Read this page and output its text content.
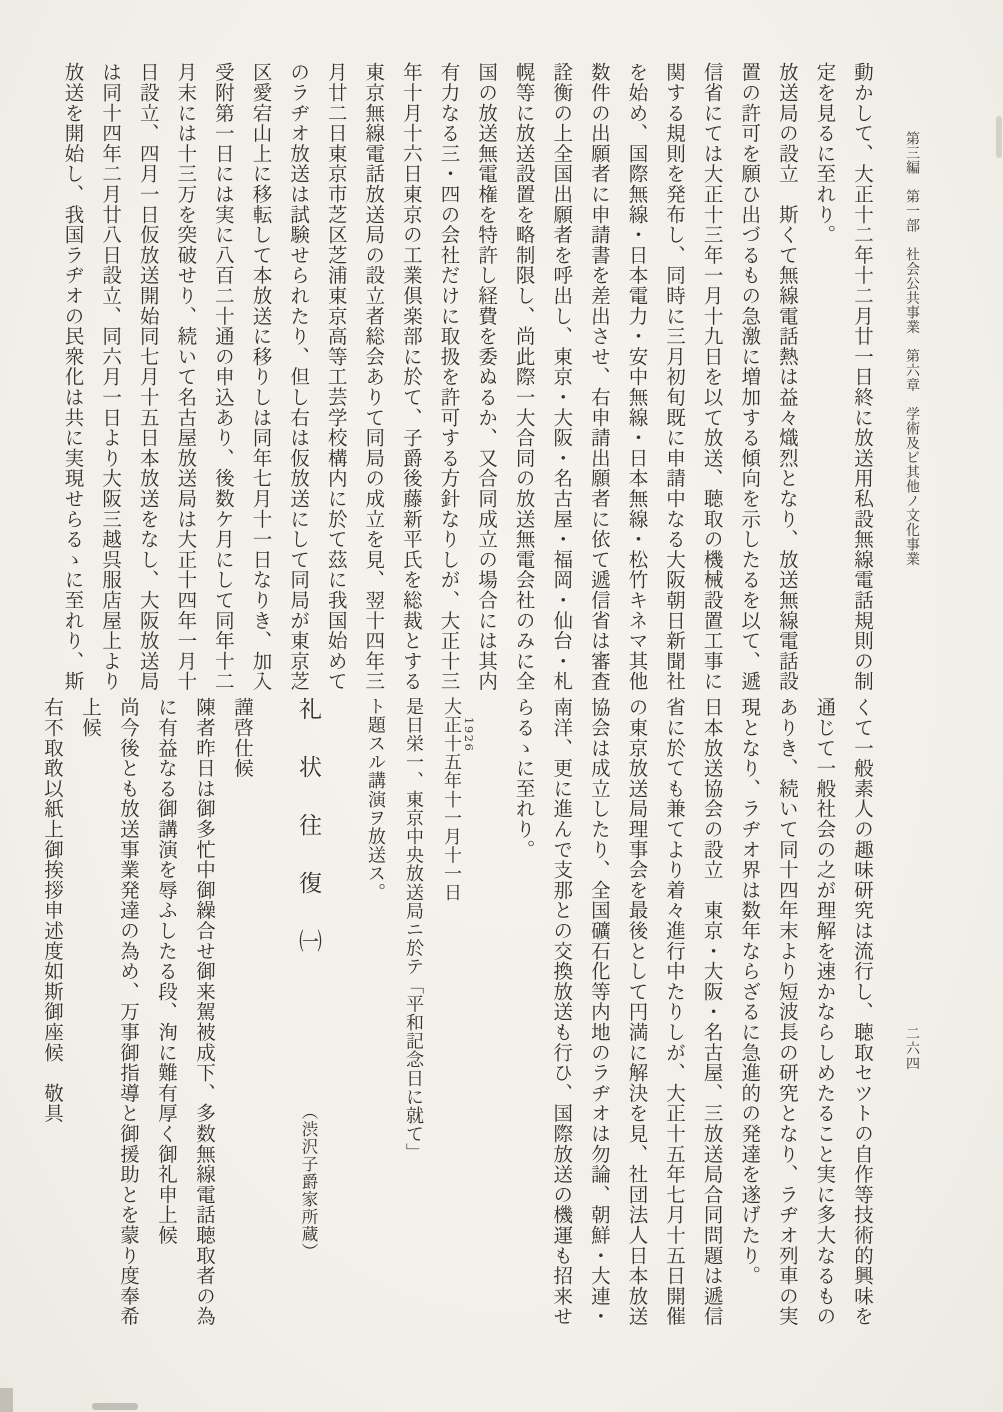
第三編　第一部　社会公共事業　第六章　学術及ビ其他ノ文化事業
二六四

動かして、大正十二年十二月廿一日終に放送用私設無線電話規則の制定を見るに至れり。

放送局の設立　斯くて無線電話熱は益々熾烈となり、放送無線電話設置の許可を願ひ出づるもの急激に増加する傾向を示したるを以て、遞信省にては大正十三年一月十九日を以て放送、聴取の機械設置工事に関する規則を発布し、同時に三月初旬既に申請中なる大阪朝日新聞社を始め、国際無線・日本電力・安中無線・日本無線・松竹キネマ其他数件の出願者に申請書を差出させ、右申請出願者に依て遞信省は審査詮衡の上全国出願者を呼出し、東京・大阪・名古屋・福岡・仙台・札幌等に放送設置を略制限し、尚此際一大合同の放送無電会社のみに全国の放送無電権を特許し経費を委ぬるか、又合同成立の場合には其内有力なる三・四の会社だけに取扱を許可する方針なりしが、大正十三年十月十六日東京の工業倶楽部に於て、子爵後藤新平氏を総裁とする東京無線電話放送局の設立者総会ありて同局の成立を見、翌十四年三月廿二日東京市芝区芝浦東京高等工芸学校構内に於て茲に我国始めてのラヂオ放送は試験せられたり、但し右は仮放送にして同局が東京芝区愛宕山上に移転して本放送に移りしは同年七月十一日なりき、加入受附第一日には実に八百二十通の申込あり、後数ケ月にして同年十二月末には十三万を突破せり、続いて名古屋放送局は大正十四年一月十日設立、四月一日仮放送開始同七月十五日本放送をなし、大阪放送局は同十四年二月廿八日設立、同六月一日より大阪三越呉服店屋上より放送を開始し、我国ラヂオの民衆化は共に実現せらるゝに至れり、斯

くて一般素人の趣味研究は流行し、聴取セツトの自作等技術的興味を通じて一般社会の之が理解を速かならしめたること実に多大なるものありき、続いて同十四年末より短波長の研究となり、ラヂオ列車の実現となり、ラヂオ界は数年ならざるに急進的の発達を遂げたり。

日本放送協会の設立　東京・大阪・名古屋、三放送局合同問題は遞信省に於ても兼てより着々進行中たりしが、大正十五年七月十五日開催の東京放送局理事会を最後として円満に解決を見、社団法人日本放送協会は成立したり、全国礦石化等内地のラヂオは勿論、朝鮮・大連・南洋、更に進んで支那との交換放送も行ひ、国際放送の機運も招来せらるゝに至れり。

1926

大正十五年十一月十一日

是日栄一、東京中央放送局ニ於テ「平和記念日に就て」ト題スル講演ヲ放送ス。

礼　状　往　復　㈠ （渋沢子爵家所蔵）

謹啓仕候

陳者昨日は御多忙中御繰合せ御来駕被成下、多数無線電話聴取者の為に有益なる御講演を辱ふしたる段、洵に難有厚く御礼申上候

尚今後とも放送事業発達の為め、万事御指導と御援助とを蒙り度奉希上候

右不取敢以紙上御挨拶申述度如斯御座候　敬具
